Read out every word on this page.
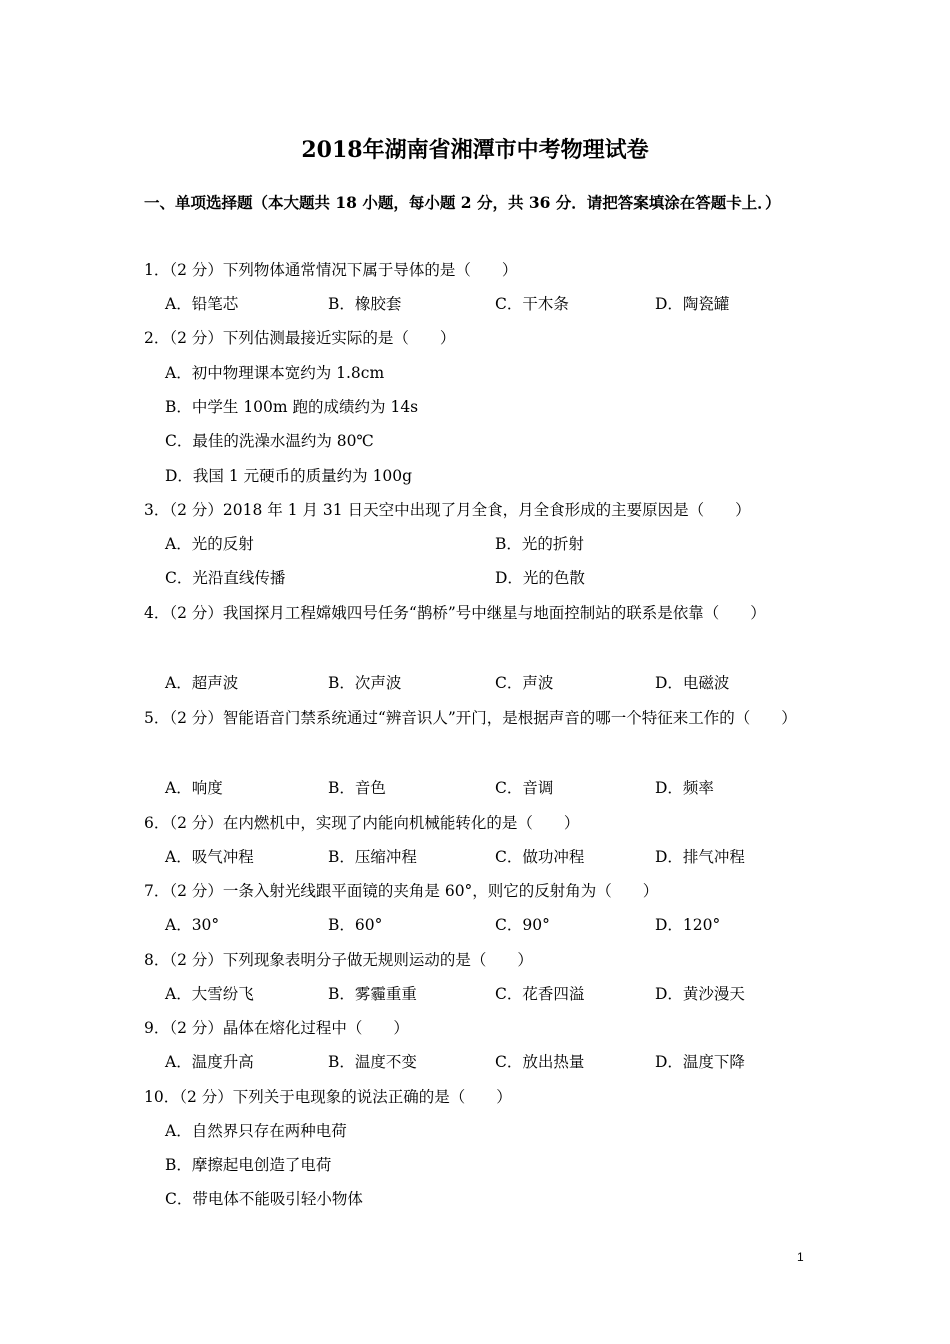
2018年湖南省湘潭市中考物理试卷
一、单项选择题（本大题共 18 小题，每小题 2 分，共 36 分．请把答案填涂在答题卡上．）
1．（2 分）下列物体通常情况下属于导体的是（　　）
A．铅笔芯	B．橡胶套	C．干木条	D．陶瓷罐
2．（2 分）下列估测最接近实际的是（　　）
A．初中物理课本宽约为 1.8cm
B．中学生 100m 跑的成绩约为 14s
C．最佳的洗澡水温约为 80℃
D．我国 1 元硬币的质量约为 100g
3．（2 分）2018 年 1 月 31 日天空中出现了月全食，月全食形成的主要原因是（　　）
A．光的反射	B．光的折射
C．光沿直线传播	D．光的色散
4．（2 分）我国探月工程嫦娥四号任务“鹊桥”号中继星与地面控制站的联系是依靠（　　）
A．超声波	B．次声波	C．声波	D．电磁波
5．（2 分）智能语音门禁系统通过“辨音识人”开门，是根据声音的哪一个特征来工作的（　　）
A．响度	B．音色	C．音调	D．频率
6．（2 分）在内燃机中，实现了内能向机械能转化的是（　　）
A．吸气冲程	B．压缩冲程	C．做功冲程	D．排气冲程
7．（2 分）一条入射光线跟平面镜的夹角是 60°，则它的反射角为（　　）
A．30°	B．60°	C．90°	D．120°
8．（2 分）下列现象表明分子做无规则运动的是（　　）
A．大雪纷飞	B．雾霾重重	C．花香四溢	D．黄沙漫天
9．（2 分）晶体在熔化过程中（　　）
A．温度升高	B．温度不变	C．放出热量	D．温度下降
10．（2 分）下列关于电现象的说法正确的是（　　）
A．自然界只存在两种电荷
B．摩擦起电创造了电荷
C．带电体不能吸引轻小物体
1
